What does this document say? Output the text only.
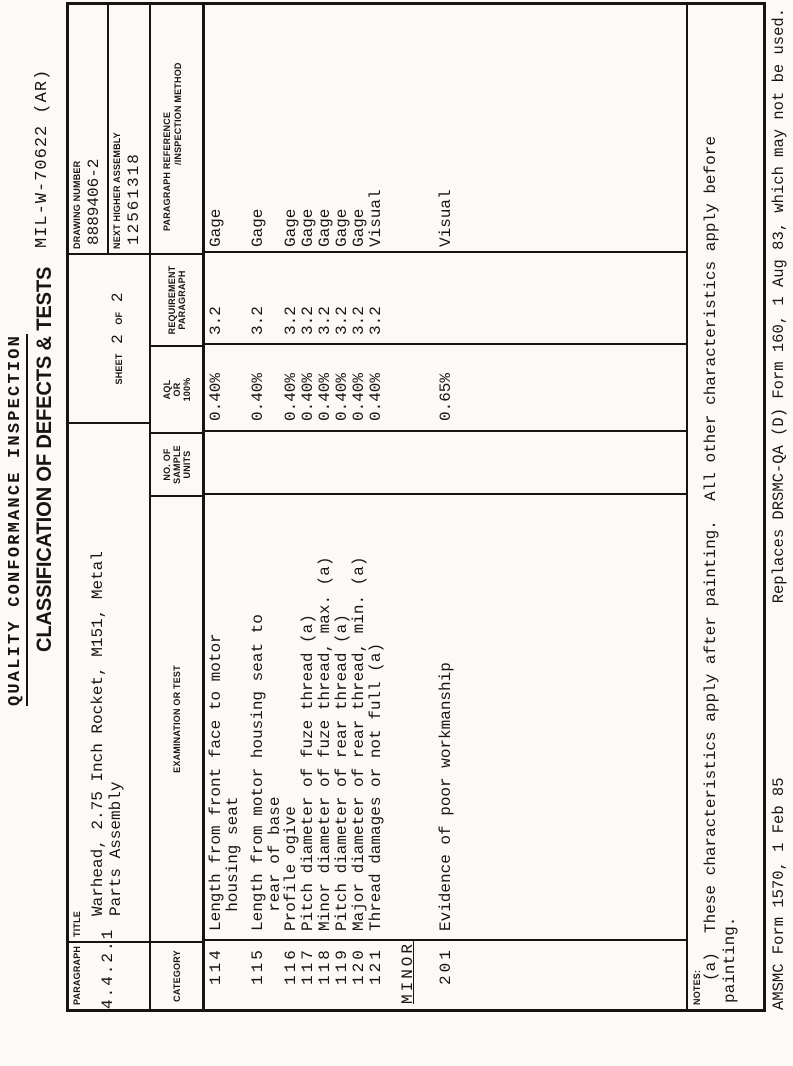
QUALITY CONFORMANCE INSPECTION CLASSIFICATION OF DEFECTS & TESTS
MIL-W-70622 (AR)
PARAGRAPH 4.4.2.1
TITLE
Warhead, 2.75 Inch Rocket, M151, Metal Parts Assembly
SHEET 2 OF 2
DRAWING NUMBER 8889406-2 NEXT HIGHER ASSEMBLY 12561318
CATEGORY
EXAMINATION OR TEST
NO. OF SAMPLE UNITS
AQL OR 100%
REQUIREMENT PARAGRAPH
PARAGRAPH REFERENCE /INSPECTION METHOD
114
Length from front face to motor housing seat
0.40%
3.2
Gage
115
Length from motor housing seat to rear of base
0.40%
3.2
Gage
116
Profile ogive
0.40%
3.2
Gage
117
Pitch diameter of fuze thread (a)
0.40%
3.2
Gage
118
Minor diameter of fuze thread, max. (a)
0.40%
3.2
Gage
119
Pitch diameter of rear thread (a)
0.40%
3.2
Gage
120
Major diameter of rear thread, min. (a)
0.40%
3.2
Gage
121
Thread damages or not full (a)
0.40%
3.2
Visual
MINOR 201
Evidence of poor workmanship
0.65%
Visual
NOTES:
(a)  These characteristics apply after painting.  All other characteristics apply before painting. AMSMC Form 1570, 1 Feb 85
Replaces DRSMC-QA (D) Form 160, 1 Aug 83, which may not be used.
